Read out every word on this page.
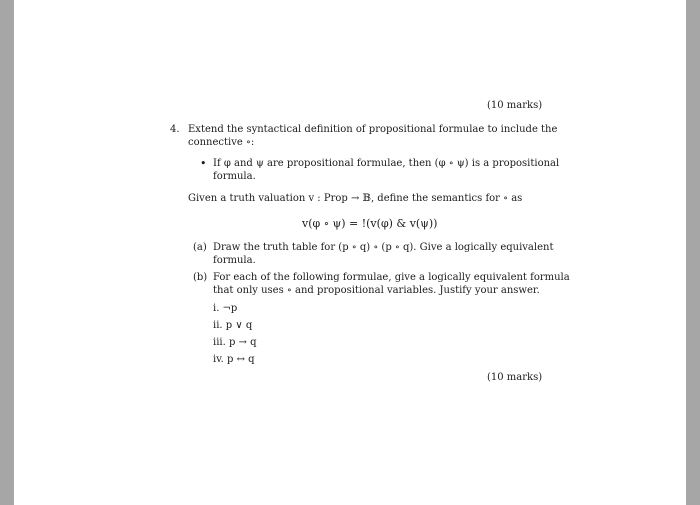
(10 marks)
4. Extend the syntactical definition of propositional formulae to include the
connective ∘:
• If φ and ψ are propositional formulae, then (φ ∘ ψ) is a propositional
formula.
Given a truth valuation v : Prop → 𝔹, define the semantics for ∘ as
v(φ ∘ ψ) = !(v(φ) & v(ψ))
(a) Draw the truth table for (p ∘ q) ∘ (p ∘ q). Give a logically equivalent
formula.
(b) For each of the following formulae, give a logically equivalent formula
that only uses ∘ and propositional variables. Justify your answer.
i. ¬p
ii. p ∨ q
iii. p → q
iv. p ↔ q
(10 marks)
